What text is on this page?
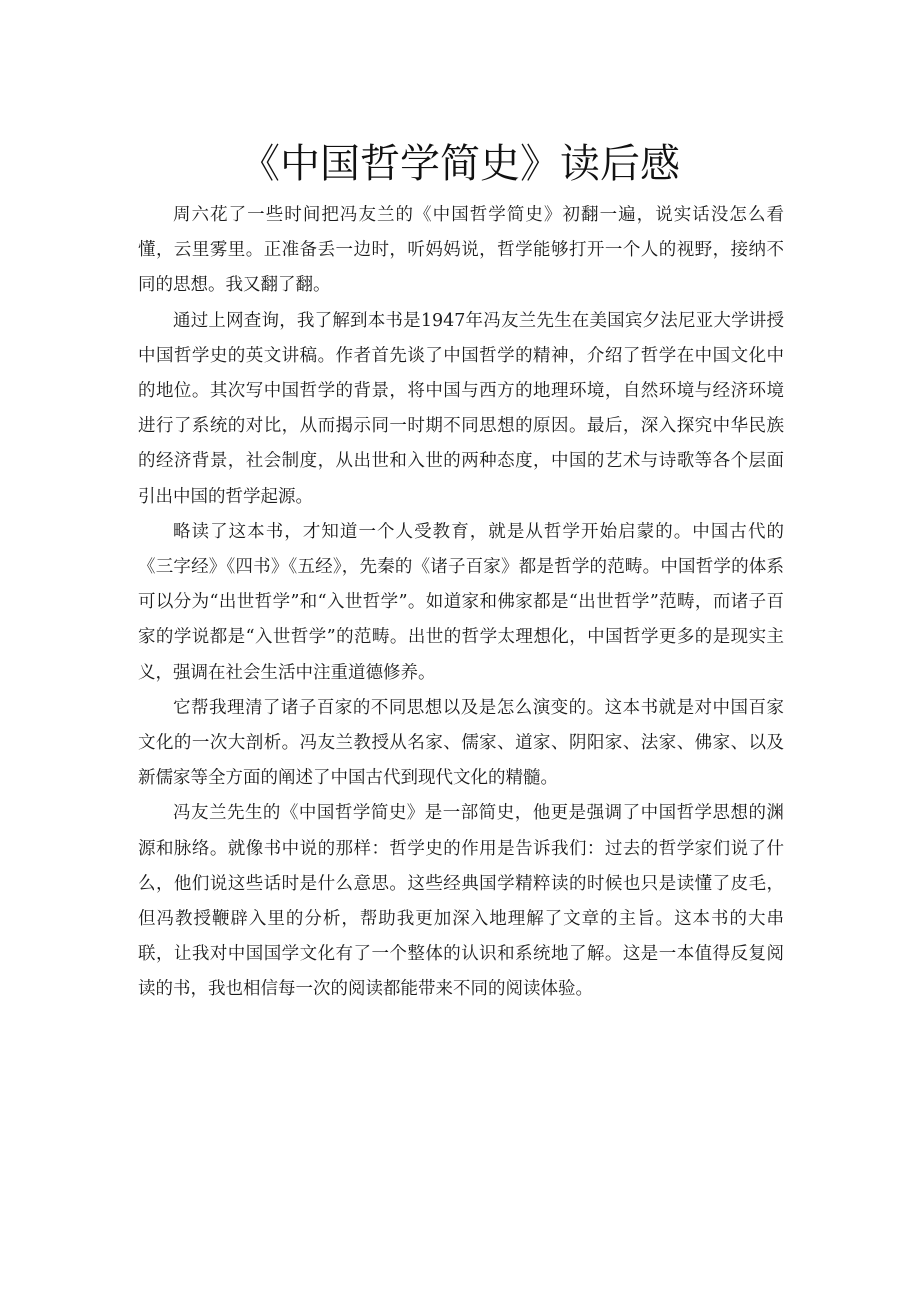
《中国哲学简史》读后感

周六花了一些时间把冯友兰的《中国哲学简史》初翻一遍，说实话没怎么看懂，云里雾里。正准备丢一边时，听妈妈说，哲学能够打开一个人的视野，接纳不同的思想。我又翻了翻。

通过上网查询，我了解到本书是1947年冯友兰先生在美国宾夕法尼亚大学讲授中国哲学史的英文讲稿。作者首先谈了中国哲学的精神，介绍了哲学在中国文化中的地位。其次写中国哲学的背景，将中国与西方的地理环境，自然环境与经济环境进行了系统的对比，从而揭示同一时期不同思想的原因。最后，深入探究中华民族的经济背景，社会制度，从出世和入世的两种态度，中国的艺术与诗歌等各个层面引出中国的哲学起源。

略读了这本书，才知道一个人受教育，就是从哲学开始启蒙的。中国古代的《三字经》《四书》《五经》，先秦的《诸子百家》都是哲学的范畴。中国哲学的体系可以分为“出世哲学”和“入世哲学”。如道家和佛家都是“出世哲学”范畴，而诸子百家的学说都是“入世哲学”的范畴。出世的哲学太理想化，中国哲学更多的是现实主义，强调在社会生活中注重道德修养。

它帮我理清了诸子百家的不同思想以及是怎么演变的。这本书就是对中国百家文化的一次大剖析。冯友兰教授从名家、儒家、道家、阴阳家、法家、佛家、以及新儒家等全方面的阐述了中国古代到现代文化的精髓。

冯友兰先生的《中国哲学简史》是一部简史，他更是强调了中国哲学思想的渊源和脉络。就像书中说的那样：哲学史的作用是告诉我们：过去的哲学家们说了什么，他们说这些话时是什么意思。这些经典国学精粹读的时候也只是读懂了皮毛，但冯教授鞭辟入里的分析，帮助我更加深入地理解了文章的主旨。这本书的大串联，让我对中国国学文化有了一个整体的认识和系统地了解。这是一本值得反复阅读的书，我也相信每一次的阅读都能带来不同的阅读体验。
